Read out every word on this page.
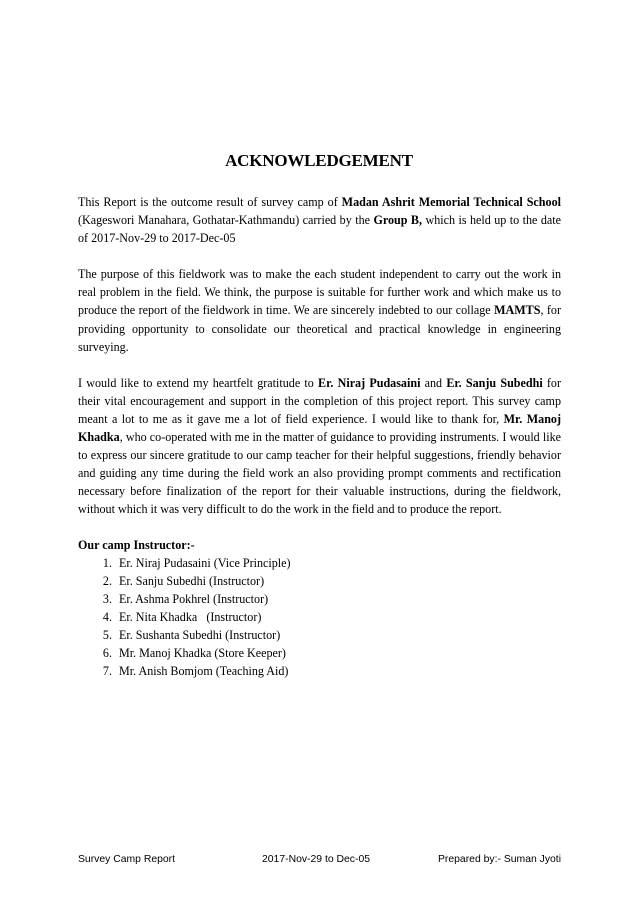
ACKNOWLEDGEMENT

This Report is the outcome result of survey camp of Madan Ashrit Memorial Technical School (Kageswori Manahara, Gothatar-Kathmandu) carried by the Group B, which is held up to the date of 2017-Nov-29 to 2017-Dec-05

The purpose of this fieldwork was to make the each student independent to carry out the work in real problem in the field. We think, the purpose is suitable for further work and which make us to produce the report of the fieldwork in time. We are sincerely indebted to our collage MAMTS, for providing opportunity to consolidate our theoretical and practical knowledge in engineering surveying.

I would like to extend my heartfelt gratitude to Er. Niraj Pudasaini and Er. Sanju Subedhi for their vital encouragement and support in the completion of this project report. This survey camp meant a lot to me as it gave me a lot of field experience. I would like to thank for, Mr. Manoj Khadka, who co-operated with me in the matter of guidance to providing instruments. I would like to express our sincere gratitude to our camp teacher for their helpful suggestions, friendly behavior and guiding any time during the field work an also providing prompt comments and rectification necessary before finalization of the report for their valuable instructions, during the fieldwork, without which it was very difficult to do the work in the field and to produce the report.

Our camp Instructor:-

1. Er. Niraj Pudasaini (Vice Principle)
2. Er. Sanju Subedhi (Instructor)
3. Er. Ashma Pokhrel (Instructor)
4. Er. Nita Khadka   (Instructor)
5. Er. Sushanta Subedhi (Instructor)
6. Mr. Manoj Khadka (Store Keeper)
7. Mr. Anish Bomjom (Teaching Aid)
Survey Camp Report	2017-Nov-29 to Dec-05	Prepared by:- Suman Jyoti
